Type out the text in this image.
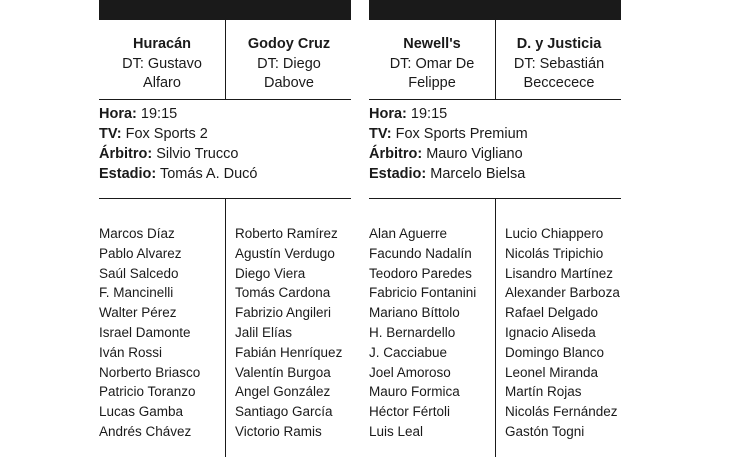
Huracán
DT: Gustavo
Alfaro
Godoy Cruz
DT: Diego
Dabove
Hora: 19:15
TV: Fox Sports 2
Árbitro: Silvio Trucco
Estadio: Tomás A. Ducó
Marcos Díaz
Pablo Alvarez
Saúl Salcedo
F. Mancinelli
Walter Pérez
Israel Damonte
Iván Rossi
Norberto Briasco
Patricio Toranzo
Lucas Gamba
Andrés Chávez
Roberto Ramírez
Agustín Verdugo
Diego Viera
Tomás Cardona
Fabrizio Angileri
Jalil Elías
Fabián Henríquez
Valentín Burgoa
Angel González
Santiago García
Victorio Ramis
Newell's
DT: Omar De
Felippe
D. y Justicia
DT: Sebastián
Beccecece
Hora: 19:15
TV: Fox Sports Premium
Árbitro: Mauro Vigliano
Estadio: Marcelo Bielsa
Alan Aguerre
Facundo Nadalín
Teodoro Paredes
Fabricio Fontanini
Mariano Bíttolo
H. Bernardello
J. Cacciabue
Joel Amoroso
Mauro Formica
Héctor Fértoli
Luis Leal
Lucio Chiappero
Nicolás Tripichio
Lisandro Martínez
Alexander Barboza
Rafael Delgado
Ignacio Aliseda
Domingo Blanco
Leonel Miranda
Martín Rojas
Nicolás Fernández
Gastón Togni
